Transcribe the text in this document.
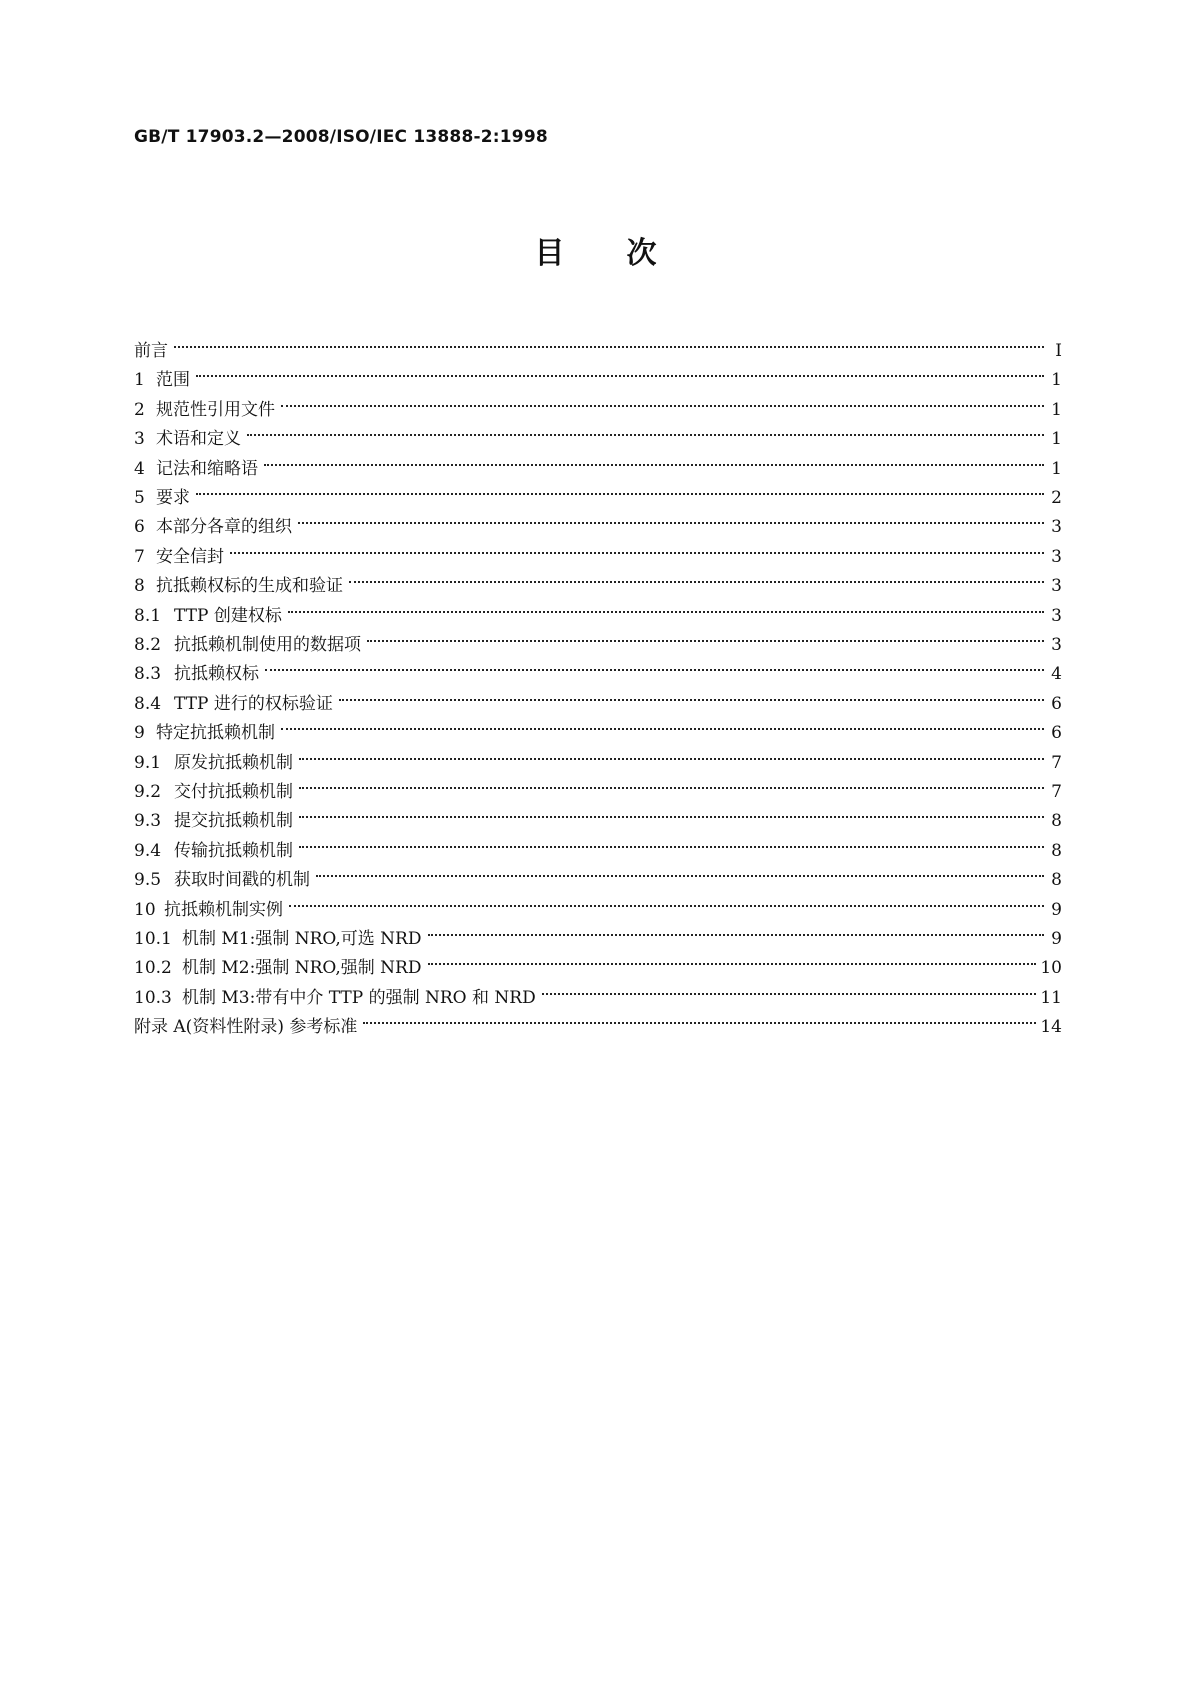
GB/T 17903.2—2008/ISO/IEC 13888-2:1998
目次
前言	Ⅰ
1 范围	1
2 规范性引用文件	1
3 术语和定义	1
4 记法和缩略语	1
5 要求	2
6 本部分各章的组织	3
7 安全信封	3
8 抗抵赖权标的生成和验证	3
8.1 TTP 创建权标	3
8.2 抗抵赖机制使用的数据项	3
8.3 抗抵赖权标	4
8.4 TTP 进行的权标验证	6
9 特定抗抵赖机制	6
9.1 原发抗抵赖机制	7
9.2 交付抗抵赖机制	7
9.3 提交抗抵赖机制	8
9.4 传输抗抵赖机制	8
9.5 获取时间戳的机制	8
10 抗抵赖机制实例	9
10.1 机制 M1:强制 NRO,可选 NRD	9
10.2 机制 M2:强制 NRO,强制 NRD	10
10.3 机制 M3:带有中介 TTP 的强制 NRO 和 NRD	11
附录 A(资料性附录) 参考标准	14
